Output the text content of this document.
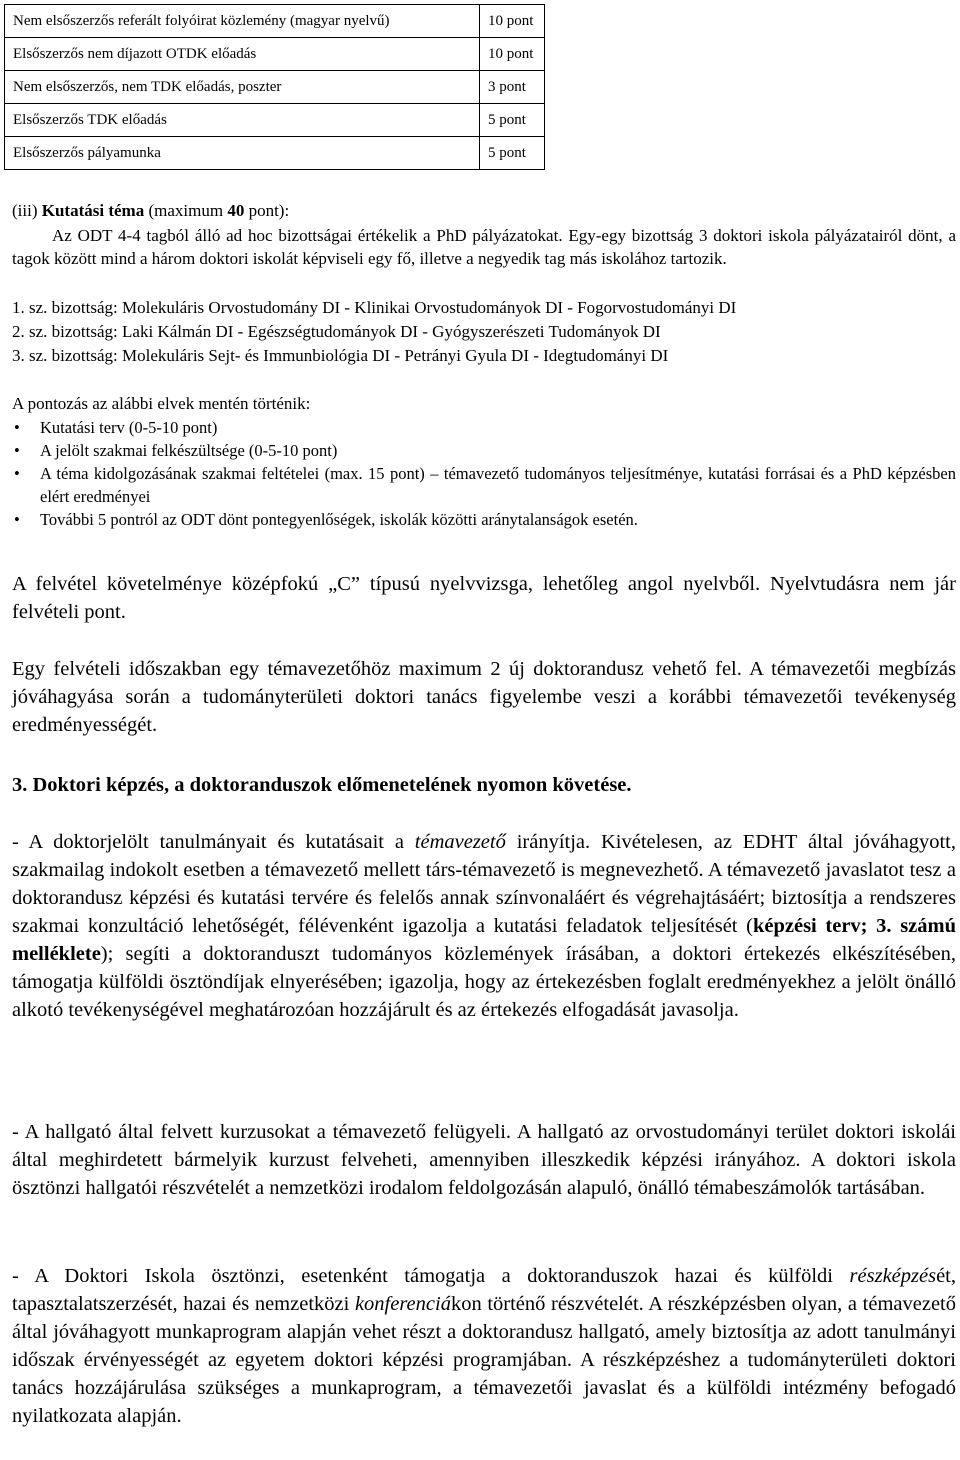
Nem elsőszerzős referált folyóirat közlemény (magyar nyelvű)	10 pont
Elsőszerzős nem díjazott OTDK előadás	10 pont
Nem elsőszerzős, nem TDK előadás, poszter	3 pont
Elsőszerzős TDK előadás	5 pont
Elsőszerzős pályamunka	5 pont
(iii) Kutatási téma (maximum 40 pont):
Az ODT 4-4 tagból álló ad hoc bizottságai értékelik a PhD pályázatokat. Egy-egy bizottság 3 doktori iskola pályázatairól dönt, a tagok között mind a három doktori iskolát képviseli egy fő, illetve a negyedik tag más iskolához tartozik.
1. sz. bizottság: Molekuláris Orvostudomány DI - Klinikai Orvostudományok DI - Fogorvostudományi DI
2. sz. bizottság: Laki Kálmán DI - Egészségtudományok DI - Gyógyszerészeti Tudományok DI
3. sz. bizottság: Molekuláris Sejt- és Immunbiológia DI - Petrányi Gyula DI - Idegtudományi DI
A pontozás az alábbi elvek mentén történik:
• Kutatási terv (0-5-10 pont)
• A jelölt szakmai felkészültsége (0-5-10 pont)
• A téma kidolgozásának szakmai feltételei (max. 15 pont) – témavezető tudományos teljesítménye, kutatási forrásai és a PhD képzésben elért eredményei
• További 5 pontról az ODT dönt pontegyenlőségek, iskolák közötti aránytalanságok esetén.
A felvétel követelménye középfokú „C” típusú nyelvvizsga, lehetőleg angol nyelvből. Nyelvtudásra nem jár felvételi pont.
Egy felvételi időszakban egy témavezetőhöz maximum 2 új doktorandusz vehető fel. A témavezetői megbízás jóváhagyása során a tudományterületi doktori tanács figyelembe veszi a korábbi témavezetői tevékenység eredményességét.
3. Doktori képzés, a doktoranduszok előmenetelének nyomon követése.
- A doktorjelölt tanulmányait és kutatásait a témavezető irányítja. Kivételesen, az EDHT által jóváhagyott, szakmailag indokolt esetben a témavezető mellett társ-témavezető is megnevezhető. A témavezető javaslatot tesz a doktorandusz képzési és kutatási tervére és felelős annak színvonaláért és végrehajtásáért; biztosítja a rendszeres szakmai konzultáció lehetőségét, félévenként igazolja a kutatási feladatok teljesítését (képzési terv; 3. számú melléklete); segíti a doktoranduszt tudományos közlemények írásában, a doktori értekezés elkészítésében, támogatja külföldi ösztöndíjak elnyerésében; igazolja, hogy az értekezésben foglalt eredményekhez a jelölt önálló alkotó tevékenységével meghatározóan hozzájárult és az értekezés elfogadását javasolja.
- A hallgató által felvett kurzusokat a témavezető felügyeli. A hallgató az orvostudományi terület doktori iskolái által meghirdetett bármelyik kurzust felveheti, amennyiben illeszkedik képzési irányához. A doktori iskola ösztönzi hallgatói részvételét a nemzetközi irodalom feldolgozásán alapuló, önálló témabeszámolók tartásában.
- A Doktori Iskola ösztönzi, esetenként támogatja a doktoranduszok hazai és külföldi részképzését, tapasztalatszerzését, hazai és nemzetközi konferenciákon történő részvételét. A részképzésben olyan, a témavezető által jóváhagyott munkaprogram alapján vehet részt a doktorandusz hallgató, amely biztosítja az adott tanulmányi időszak érvényességét az egyetem doktori képzési programjában. A részképzéshez a tudományterületi doktori tanács hozzájárulása szükséges a munkaprogram, a témavezetői javaslat és a külföldi intézmény befogadó nyilatkozata alapján.
